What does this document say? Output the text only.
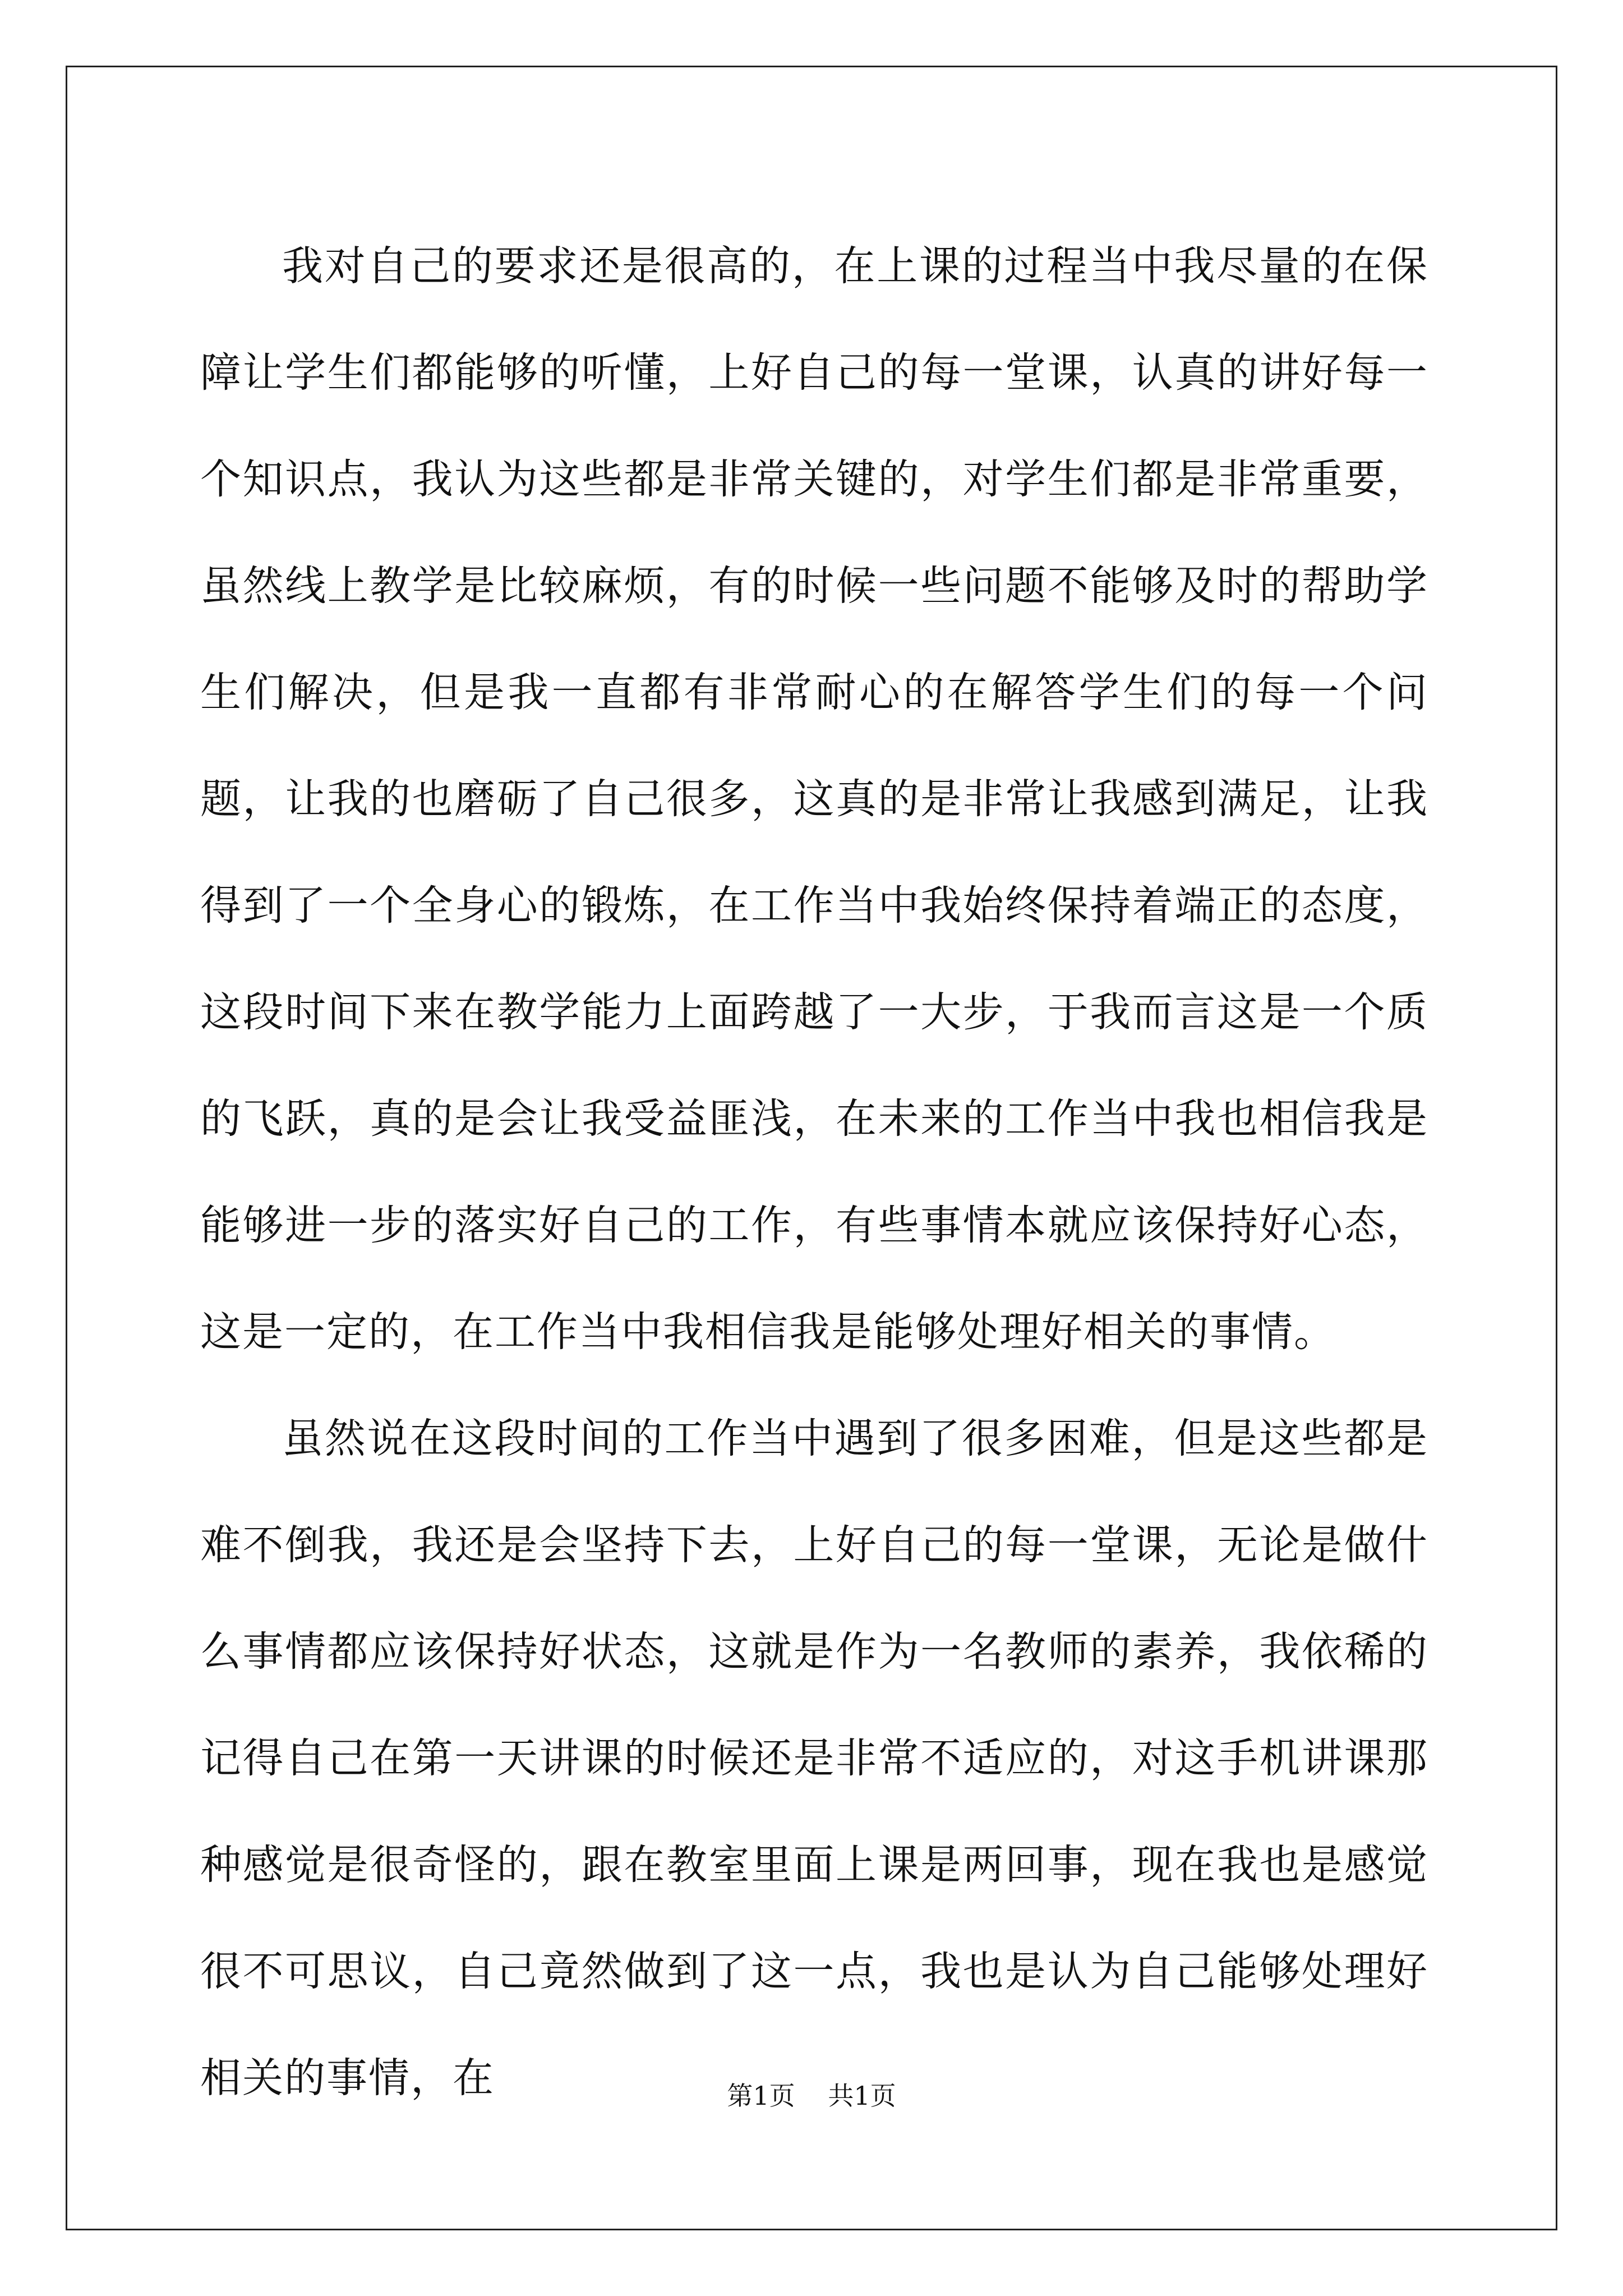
我对自己的要求还是很高的，在上课的过程当中我尽量的在保障让学生们都能够的听懂，上好自己的每一堂课，认真的讲好每一个知识点，我认为这些都是非常关键的，对学生们都是非常重要，虽然线上教学是比较麻烦，有的时候一些问题不能够及时的帮助学生们解决，但是我一直都有非常耐心的在解答学生们的每一个问题，让我的也磨砺了自己很多，这真的是非常让我感到满足，让我得到了一个全身心的锻炼，在工作当中我始终保持着端正的态度，这段时间下来在教学能力上面跨越了一大步，于我而言这是一个质的飞跃，真的是会让我受益匪浅，在未来的工作当中我也相信我是能够进一步的落实好自己的工作，有些事情本就应该保持好心态，这是一定的，在工作当中我相信我是能够处理好相关的事情。

虽然说在这段时间的工作当中遇到了很多困难，但是这些都是难不倒我，我还是会坚持下去，上好自己的每一堂课，无论是做什么事情都应该保持好状态，这就是作为一名教师的素养，我依稀的记得自己在第一天讲课的时候还是非常不适应的，对这手机讲课那种感觉是很奇怪的，跟在教室里面上课是两回事，现在我也是感觉很不可思议，自己竟然做到了这一点，我也是认为自己能够处理好相关的事情，在	第1页 共1页
